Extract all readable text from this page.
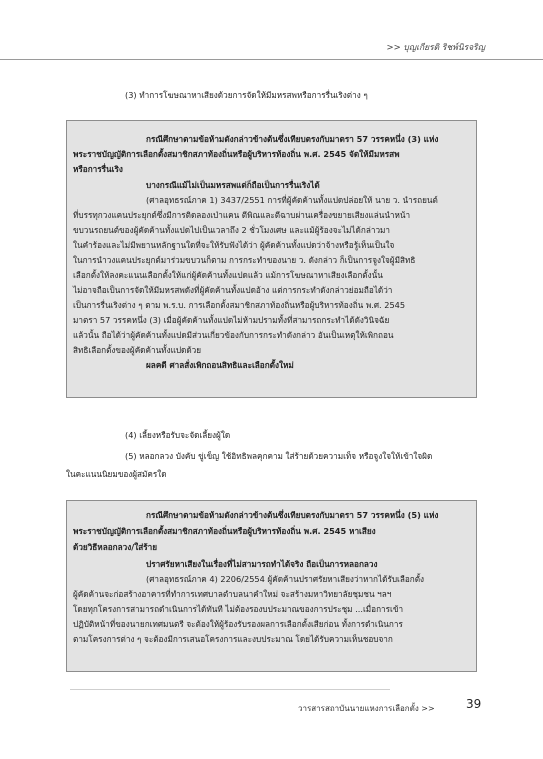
>> บุญเกียรติ ริชพ์นิรจริญ
(3) ทำการโฆษณาหาเสียงด้วยการจัดให้มีมหรสพหรือการรื่นเริงต่าง ๆ
กรณีศึกษาตามข้อห้ามดังกล่าวข้างต้นซึ่งเทียบตรงกับมาตรา 57 วรรคหนึ่ง (3) แห่ง
พระราชบัญญัติการเลือกตั้งสมาชิกสภาท้องถิ่นหรือผู้บริหารท้องถิ่น พ.ศ. 2545 จัดให้มีมหรสพ
หรือการรื่นเริง
บางกรณีแม้ไม่เป็นมหรสพแต่ก็ถือเป็นการรื่นเริงได้
(ศาลอุทธรณ์ภาค 1) 3437/2551 การที่ผู้คัดค้านทั้งแปดปล่อยให้ นาย ว. นำรถยนต์
ที่บรรทุกวงแคนประยุกต์ซึ่งมีการติดลองเป่าแคน ตีพิณและตีฉาบผ่านเครื่องขยายเสียงแล่นนำหน้า
ขบวนรถยนต์ของผู้คัดค้านทั้งแปดไปเป็นเวลาถึง 2 ชั่วโมงเศษ และแม้ผู้ร้องจะไม่ได้กล่าวมา
ในคำร้องและไม่มีพยานหลักฐานใดที่จะให้รับฟังได้ว่า ผู้คัดค้านทั้งแปดว่าจ้างหรือรู้เห็นเป็นใจ
ในการนำวงแคนประยุกต์มาร่วมขบวนก็ตาม การกระทำของนาย ว. ดังกล่าว ก็เป็นการจูงใจผู้มีสิทธิ
เลือกตั้งให้ลงคะแนนเลือกตั้งให้แก่ผู้คัดค้านทั้งแปดแล้ว แม้การโฆษณาหาเสียงเลือกตั้งนั้น
ไม่อาจถือเป็นการจัดให้มีมหรสพดังที่ผู้คัดค้านทั้งแปดอ้าง แต่การกระทำดังกล่าวย่อมถือได้ว่า
เป็นการรื่นเริงต่าง ๆ ตาม พ.ร.บ. การเลือกตั้งสมาชิกสภาท้องถิ่นหรือผู้บริหารท้องถิ่น พ.ศ. 2545
มาตรา 57 วรรคหนึ่ง (3) เมื่อผู้คัดค้านทั้งแปดไม่ห้ามปรามทั้งที่สามารถกระทำได้ดังวินิจฉัย
แล้วนั้น ถือได้ว่าผู้คัดค้านทั้งแปดมีส่วนเกี่ยวข้องกับการกระทำดังกล่าว อันเป็นเหตุให้เพิกถอน
สิทธิเลือกตั้งของผู้คัดค้านทั้งแปดด้วย
ผลคดี ศาลสั่งเพิกถอนสิทธิและเลือกตั้งใหม่
(4) เลี้ยงหรือรับจะจัดเลี้ยงผู้ใด
(5) หลอกลวง บังคับ ขู่เข็ญ ใช้อิทธิพลคุกคาม ใส่ร้ายด้วยความเท็จ หรือจูงใจให้เข้าใจผิด
ในคะแนนนิยมของผู้สมัครใด
กรณีศึกษาตามข้อห้ามดังกล่าวข้างต้นซึ่งเทียบตรงกับมาตรา 57 วรรคหนึ่ง (5) แห่ง
พระราชบัญญัติการเลือกตั้งสมาชิกสภาท้องถิ่นหรือผู้บริหารท้องถิ่น พ.ศ. 2545 หาเสียง
ด้วยวิธีหลอกลวง/ใส่ร้าย
ปราศรัยหาเสียงในเรื่องที่ไม่สามารถทำได้จริง ถือเป็นการหลอกลวง
(ศาลอุทธรณ์ภาค 4) 2206/2554 ผู้คัดค้านปราศรัยหาเสียงว่าหากได้รับเลือกตั้ง
ผู้คัดค้านจะก่อสร้างอาคารที่ทำการเทศบาลตำบลนาคำใหม่ จะสร้างมหาวิทยาลัยชุมชน ฯลฯ
โดยทุกโครงการสามารถดำเนินการได้ทันที ไม่ต้องรองบประมาณของการประชุม ...เมื่อการเข้า
ปฏิบัติหน้าที่ของนายกเทศมนตรี จะต้องให้ผู้ร้องรับรองผลการเลือกตั้งเสียก่อน ทั้งการดำเนินการ
ตามโครงการต่าง ๆ จะต้องมีการเสนอโครงการและงบประมาณ โดยได้รับความเห็นชอบจาก
วารสารสถาบันนายแหงการเลือกตั้ง >>	39
